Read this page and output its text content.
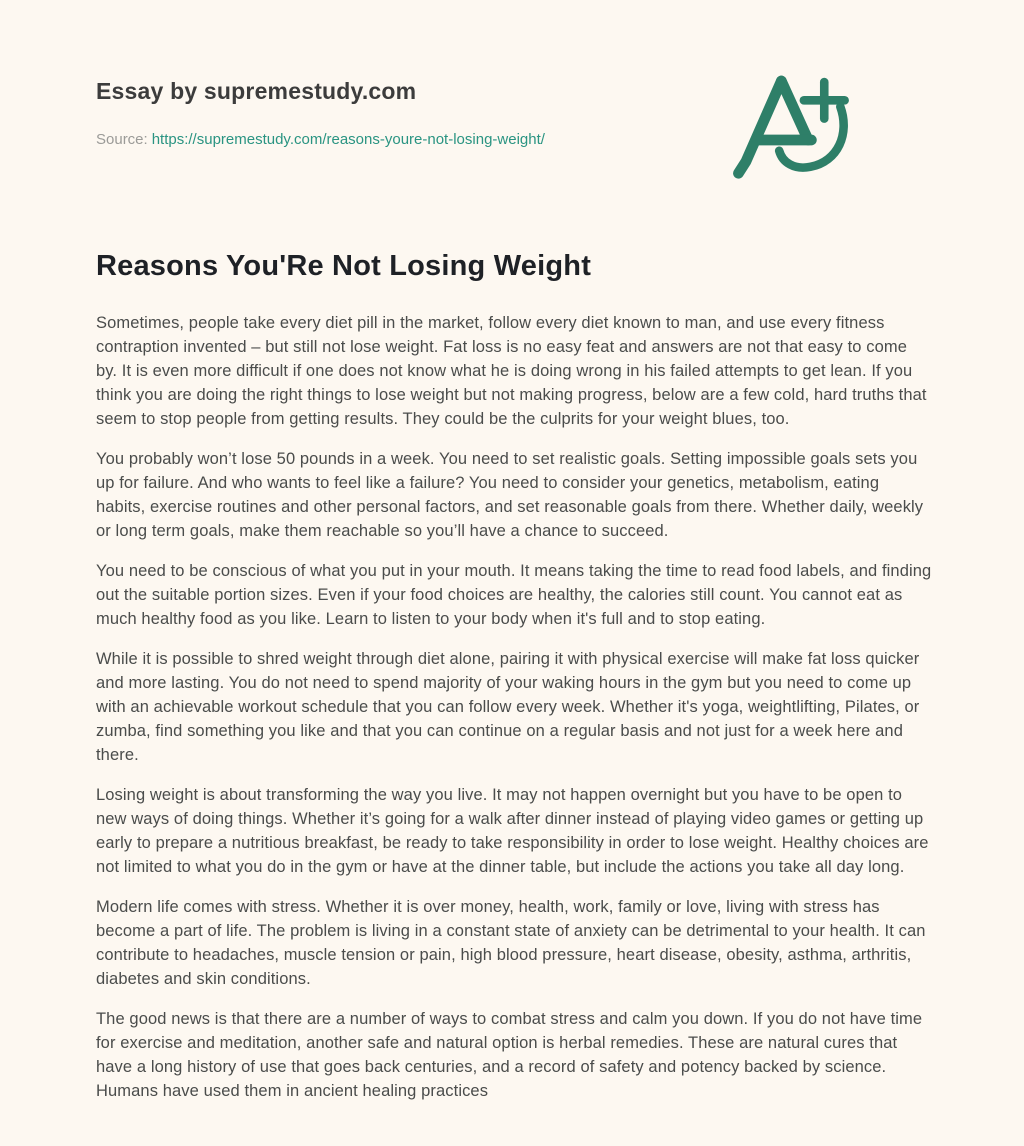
Essay by supremestudy.com
Source: https://supremestudy.com/reasons-youre-not-losing-weight/
Reasons You'Re Not Losing Weight

Sometimes, people take every diet pill in the market, follow every diet known to man, and use every fitness contraption invented – but still not lose weight. Fat loss is no easy feat and answers are not that easy to come by. It is even more difficult if one does not know what he is doing wrong in his failed attempts to get lean. If you think you are doing the right things to lose weight but not making progress, below are a few cold, hard truths that seem to stop people from getting results. They could be the culprits for your weight blues, too.

You probably won’t lose 50 pounds in a week. You need to set realistic goals. Setting impossible goals sets you up for failure. And who wants to feel like a failure? You need to consider your genetics, metabolism, eating habits, exercise routines and other personal factors, and set reasonable goals from there. Whether daily, weekly or long term goals, make them reachable so you’ll have a chance to succeed.

You need to be conscious of what you put in your mouth. It means taking the time to read food labels, and finding out the suitable portion sizes. Even if your food choices are healthy, the calories still count. You cannot eat as much healthy food as you like. Learn to listen to your body when it's full and to stop eating.

While it is possible to shred weight through diet alone, pairing it with physical exercise will make fat loss quicker and more lasting. You do not need to spend majority of your waking hours in the gym but you need to come up with an achievable workout schedule that you can follow every week. Whether it's yoga, weightlifting, Pilates, or zumba, find something you like and that you can continue on a regular basis and not just for a week here and there.

Losing weight is about transforming the way you live. It may not happen overnight but you have to be open to new ways of doing things. Whether it’s going for a walk after dinner instead of playing video games or getting up early to prepare a nutritious breakfast, be ready to take responsibility in order to lose weight. Healthy choices are not limited to what you do in the gym or have at the dinner table, but include the actions you take all day long.

Modern life comes with stress. Whether it is over money, health, work, family or love, living with stress has become a part of life. The problem is living in a constant state of anxiety can be detrimental to your health. It can contribute to headaches, muscle tension or pain, high blood pressure, heart disease, obesity, asthma, arthritis, diabetes and skin conditions.

The good news is that there are a number of ways to combat stress and calm you down. If you do not have time for exercise and meditation, another safe and natural option is herbal remedies. These are natural cures that have a long history of use that goes back centuries, and a record of safety and potency backed by science. Humans have used them in ancient healing practices
